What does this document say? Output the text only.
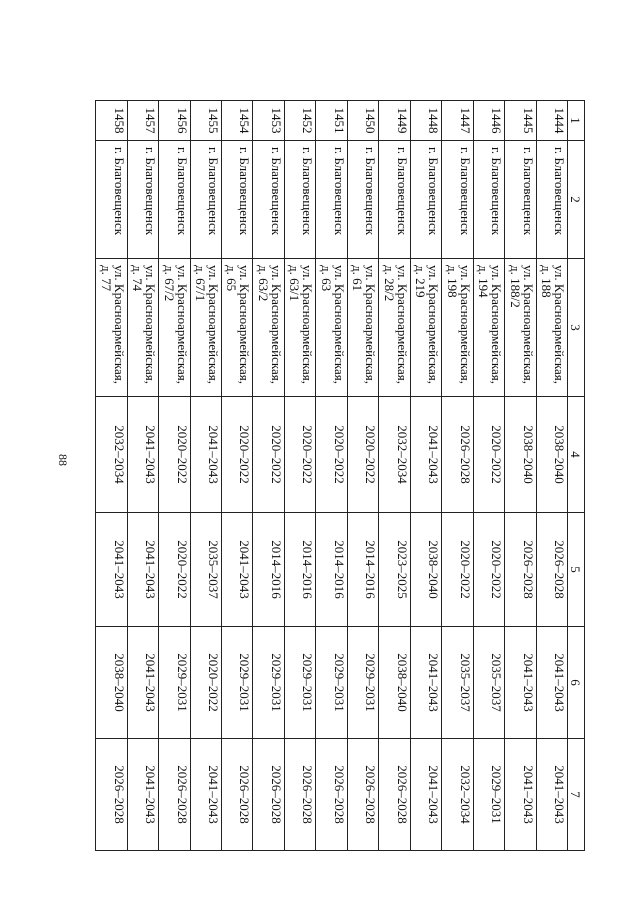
88
1	2	3	4	5	6	7
1444	г. Благовещенск	ул. Красноармейская, д. 188	2038–2040	2026–2028	2041–2043	2041–2043
1445	г. Благовещенск	ул. Красноармейская, д. 188/2	2038–2040	2026–2028	2041–2043	2041–2043
1446	г. Благовещенск	ул. Красноармейская, д. 194	2020–2022	2020–2022	2035–2037	2029–2031
1447	г. Благовещенск	ул. Красноармейская, д. 198	2026–2028	2020–2022	2035–2037	2032–2034
1448	г. Благовещенск	ул. Красноармейская, д. 219	2041–2043	2038–2040	2041–2043	2041–2043
1449	г. Благовещенск	ул. Красноармейская, д. 28/2	2032–2034	2023–2025	2038–2040	2026–2028
1450	г. Благовещенск	ул. Красноармейская, д. 61	2020–2022	2014–2016	2029–2031	2026–2028
1451	г. Благовещенск	ул. Красноармейская, д. 63	2020–2022	2014–2016	2029–2031	2026–2028
1452	г. Благовещенск	ул. Красноармейская, д. 63/1	2020–2022	2014–2016	2029–2031	2026–2028
1453	г. Благовещенск	ул. Красноармейская, д. 63/2	2020–2022	2014–2016	2029–2031	2026–2028
1454	г. Благовещенск	ул. Красноармейская, д. 65	2020–2022	2041–2043	2029–2031	2026–2028
1455	г. Благовещенск	ул. Красноармейская, д. 67/1	2041–2043	2035–2037	2020–2022	2041–2043
1456	г. Благовещенск	ул. Красноармейская, д. 67/2	2020–2022	2020–2022	2029–2031	2026–2028
1457	г. Благовещенск	ул. Красноармейская, д. 74	2041–2043	2041–2043	2041–2043	2041–2043
1458	г. Благовещенск	ул. Красноармейская, д. 77	2032–2034	2041–2043	2038–2040	2026–2028
